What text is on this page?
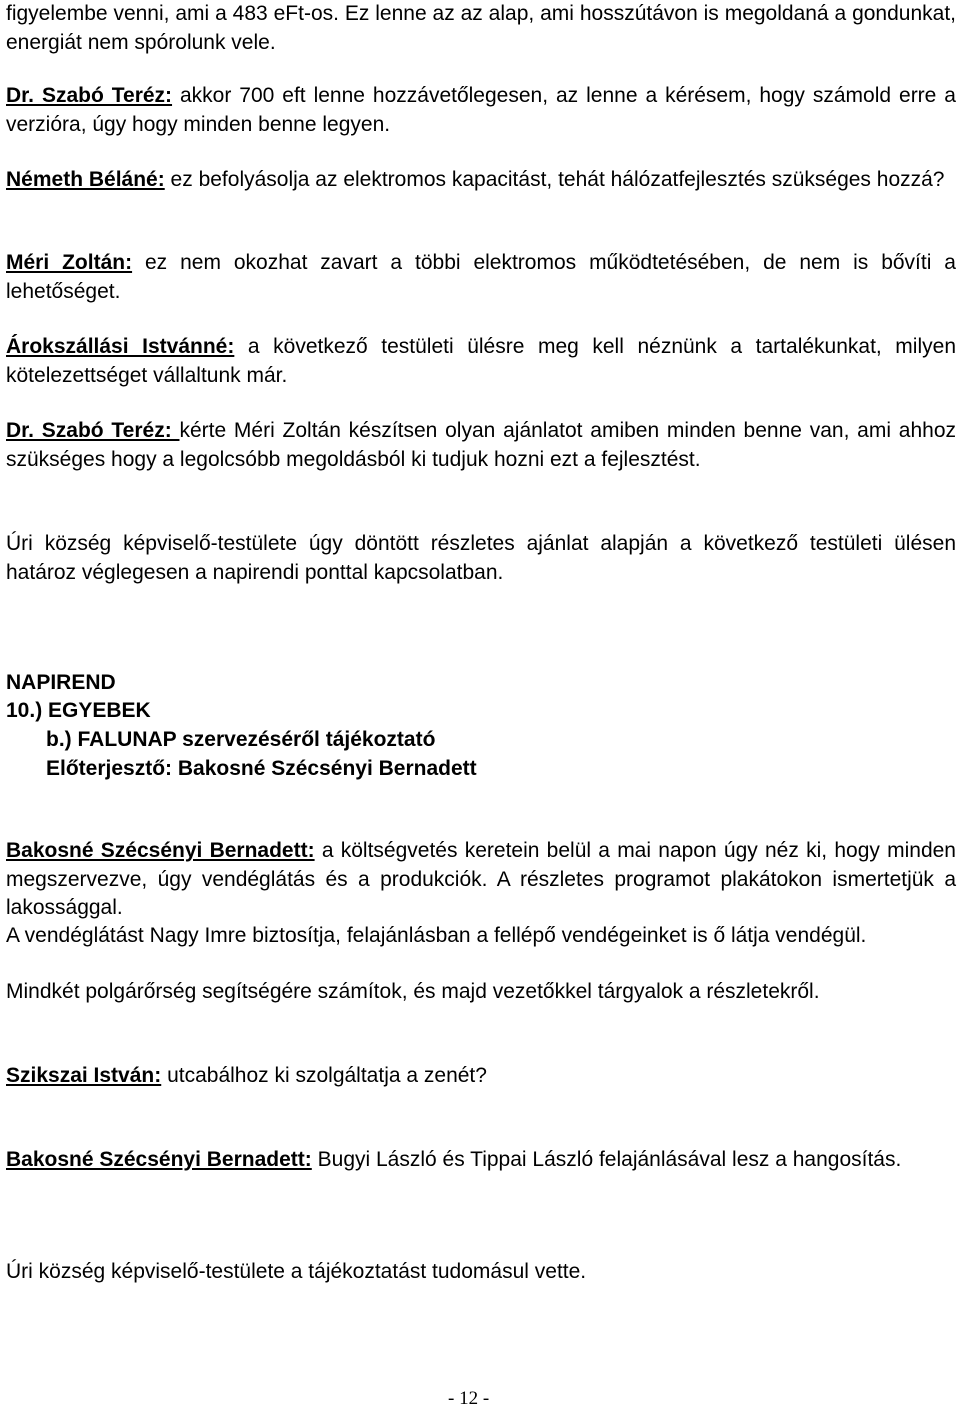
figyelembe venni, ami a 483 eFt-os. Ez lenne az az alap, ami hosszútávon is megoldaná a gondunkat, energiát nem spórolunk vele.

Dr. Szabó Teréz: akkor 700 eft lenne hozzávetőlegesen, az lenne a kérésem, hogy számold erre a verzióra, úgy hogy minden benne legyen.

Németh Béláné: ez befolyásolja az elektromos kapacitást, tehát hálózatfejlesztés szükséges hozzá?

Méri Zoltán: ez nem okozhat zavart a többi elektromos működtetésében, de nem is bővíti a lehetőséget.

Árokszállási Istvánné: a következő testületi ülésre meg kell néznünk a tartalékunkat, milyen kötelezettséget vállaltunk már.

Dr. Szabó Teréz: kérte Méri Zoltán készítsen olyan ajánlatot amiben minden benne van, ami ahhoz szükséges hogy a legolcsóbb megoldásból ki tudjuk hozni ezt a fejlesztést.

Úri község képviselő-testülete úgy döntött részletes ajánlat alapján a következő testületi ülésen határoz véglegesen a napirendi ponttal kapcsolatban.

NAPIREND
10.) EGYEBEK
b.) FALUNAP szervezéséről tájékoztató
Előterjesztő: Bakosné Szécsényi Bernadett

Bakosné Szécsényi Bernadett: a költségvetés keretein belül a mai napon úgy néz ki, hogy minden megszervezve, úgy vendéglátás és a produkciók. A részletes programot plakátokon ismertetjük a lakossággal.

A vendéglátást Nagy Imre biztosítja, felajánlásban a fellépő vendégeinket is ő látja vendégül.

Mindkét polgárőrség segítségére számítok, és majd vezetőkkel tárgyalok a részletekről.

Szikszai István: utcabálhoz ki szolgáltatja a zenét?

Bakosné Szécsényi Bernadett: Bugyi László és Tippai László felajánlásával lesz a hangosítás.

Úri község képviselő-testülete a tájékoztatást tudomásul vette.

- 12 -
